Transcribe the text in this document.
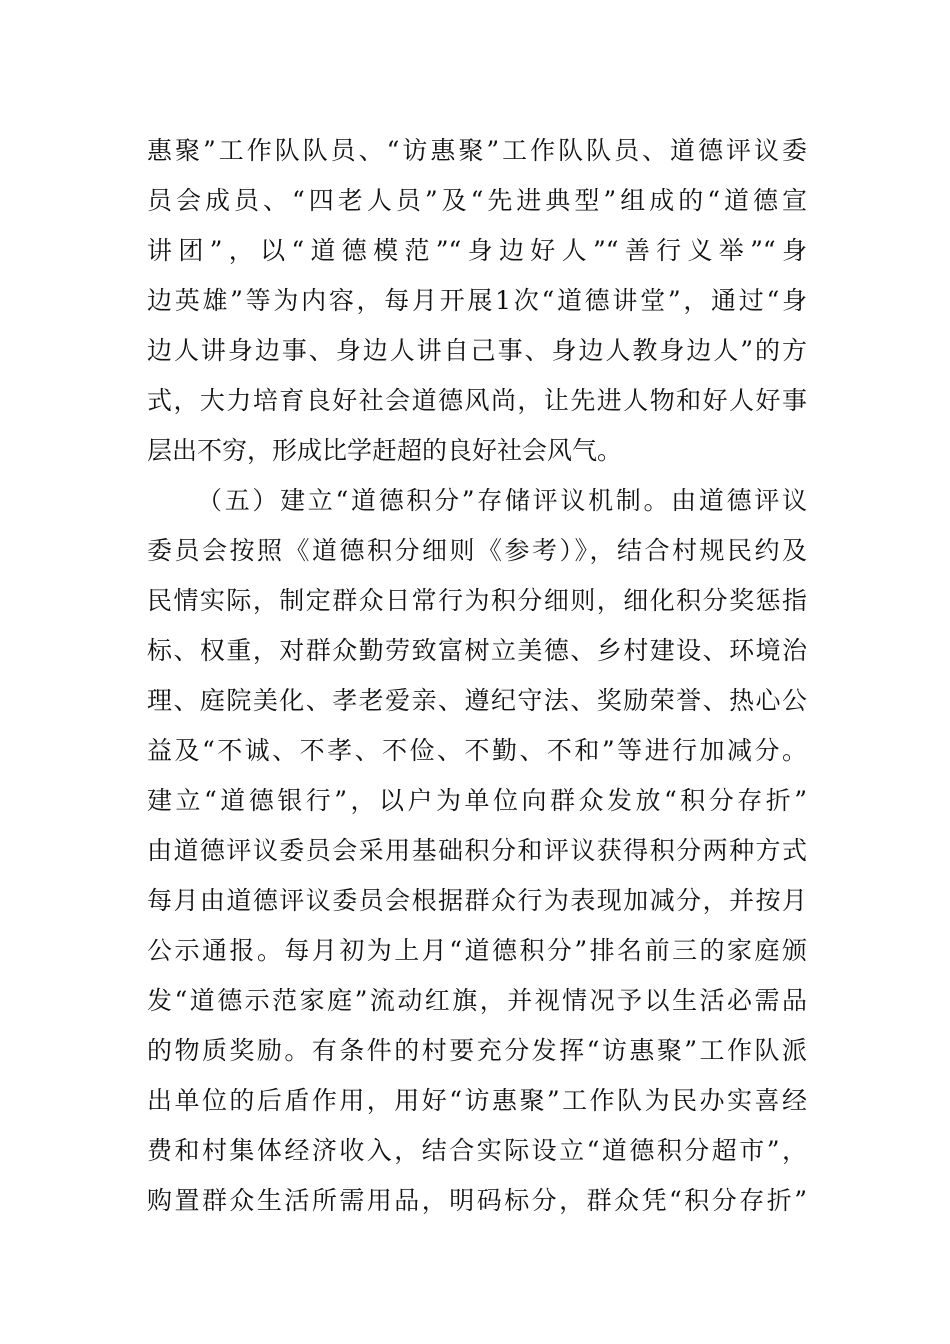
惠聚”工作队队员、“访惠聚”工作队队员、道德评议委
员会成员、“四老人员”及“先进典型”组成的“道德宣
讲团”，以“道德模范”“身边好人”“善行义举”“身
边英雄”等为内容，每月开展1次“道德讲堂”，通过“身
边人讲身边事、身边人讲自己事、身边人教身边人”的方
式，大力培育良好社会道德风尚，让先进人物和好人好事
层出不穷，形成比学赶超的良好社会风气。
（五）建立“道德积分”存储评议机制。由道德评议
委员会按照《道德积分细则《参考）》，结合村规民约及
民情实际，制定群众日常行为积分细则，细化积分奖惩指
标、权重，对群众勤劳致富树立美德、乡村建设、环境治
理、庭院美化、孝老爱亲、遵纪守法、奖励荣誉、热心公
益及“不诚、不孝、不俭、不勤、不和”等进行加减分。
建立“道德银行”，以户为单位向群众发放“积分存折”
由道德评议委员会采用基础积分和评议获得积分两种方式
每月由道德评议委员会根据群众行为表现加减分，并按月
公示通报。每月初为上月“道德积分”排名前三的家庭颁
发“道德示范家庭”流动红旗，并视情况予以生活必需品
的物质奖励。有条件的村要充分发挥“访惠聚”工作队派
出单位的后盾作用，用好“访惠聚”工作队为民办实喜经
费和村集体经济收入，结合实际设立“道德积分超市”，
购置群众生活所需用品，明码标分，群众凭“积分存折”
